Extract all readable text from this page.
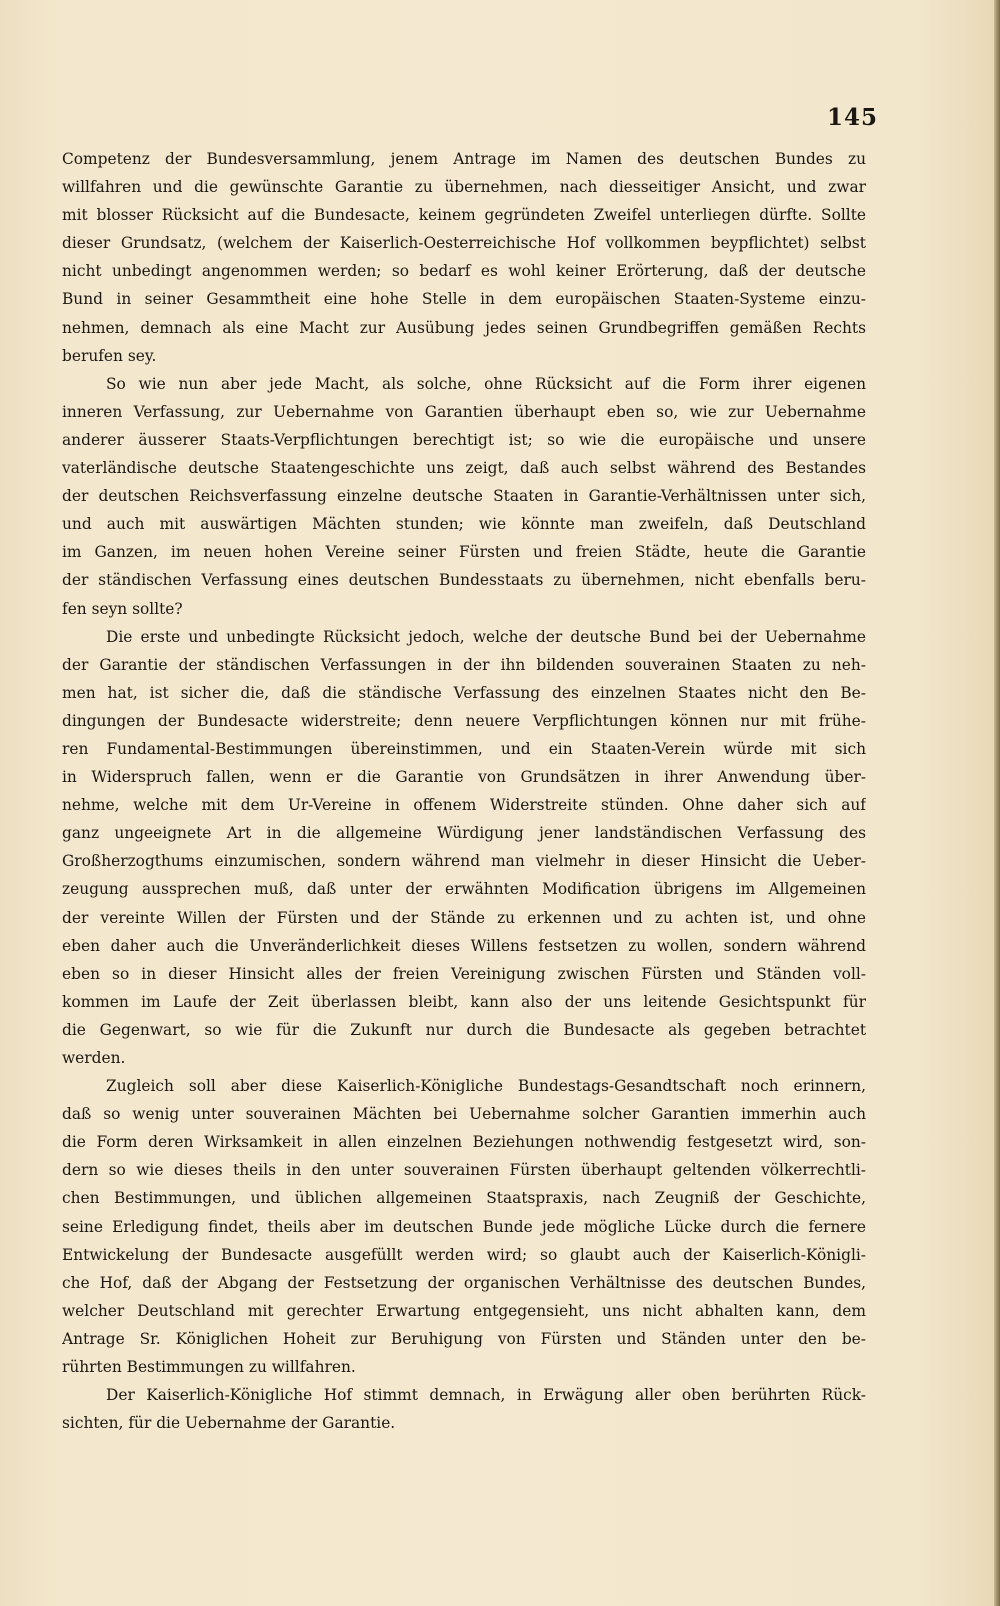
145
Competenz der Bundesversammlung, jenem Antrage im Namen des deutschen Bundes zu
willfahren und die gewünschte Garantie zu übernehmen, nach diesseitiger Ansicht, und zwar
mit blosser Rücksicht auf die Bundesacte, keinem gegründeten Zweifel unterliegen dürfte. Sollte
dieser Grundsatz, (welchem der Kaiserlich-Oesterreichische Hof vollkommen beypflichtet) selbst
nicht unbedingt angenommen werden; so bedarf es wohl keiner Erörterung, daß der deutsche
Bund in seiner Gesammtheit eine hohe Stelle in dem europäischen Staaten-Systeme einzu-
nehmen, demnach als eine Macht zur Ausübung jedes seinen Grundbegriffen gemäßen Rechts
berufen sey.
So wie nun aber jede Macht, als solche, ohne Rücksicht auf die Form ihrer eigenen
inneren Verfassung, zur Uebernahme von Garantien überhaupt eben so, wie zur Uebernahme
anderer äusserer Staats-Verpflichtungen berechtigt ist; so wie die europäische und unsere
vaterländische deutsche Staatengeschichte uns zeigt, daß auch selbst während des Bestandes
der deutschen Reichsverfassung einzelne deutsche Staaten in Garantie-Verhältnissen unter sich,
und auch mit auswärtigen Mächten stunden; wie könnte man zweifeln, daß Deutschland
im Ganzen, im neuen hohen Vereine seiner Fürsten und freien Städte, heute die Garantie
der ständischen Verfassung eines deutschen Bundesstaats zu übernehmen, nicht ebenfalls beru-
fen seyn sollte?
Die erste und unbedingte Rücksicht jedoch, welche der deutsche Bund bei der Uebernahme
der Garantie der ständischen Verfassungen in der ihn bildenden souverainen Staaten zu neh-
men hat, ist sicher die, daß die ständische Verfassung des einzelnen Staates nicht den Be-
dingungen der Bundesacte widerstreite; denn neuere Verpflichtungen können nur mit frühe-
ren Fundamental-Bestimmungen übereinstimmen, und ein Staaten-Verein würde mit sich
in Widerspruch fallen, wenn er die Garantie von Grundsätzen in ihrer Anwendung über-
nehme, welche mit dem Ur-Vereine in offenem Widerstreite stünden. Ohne daher sich auf
ganz ungeeignete Art in die allgemeine Würdigung jener landständischen Verfassung des
Großherzogthums einzumischen, sondern während man vielmehr in dieser Hinsicht die Ueber-
zeugung aussprechen muß, daß unter der erwähnten Modification übrigens im Allgemeinen
der vereinte Willen der Fürsten und der Stände zu erkennen und zu achten ist, und ohne
eben daher auch die Unveränderlichkeit dieses Willens festsetzen zu wollen, sondern während
eben so in dieser Hinsicht alles der freien Vereinigung zwischen Fürsten und Ständen voll-
kommen im Laufe der Zeit überlassen bleibt, kann also der uns leitende Gesichtspunkt für
die Gegenwart, so wie für die Zukunft nur durch die Bundesacte als gegeben betrachtet
werden.
Zugleich soll aber diese Kaiserlich-Königliche Bundestags-Gesandtschaft noch erinnern,
daß so wenig unter souverainen Mächten bei Uebernahme solcher Garantien immerhin auch
die Form deren Wirksamkeit in allen einzelnen Beziehungen nothwendig festgesetzt wird, son-
dern so wie dieses theils in den unter souverainen Fürsten überhaupt geltenden völkerrechtli-
chen Bestimmungen, und üblichen allgemeinen Staatspraxis, nach Zeugniß der Geschichte,
seine Erledigung findet, theils aber im deutschen Bunde jede mögliche Lücke durch die fernere
Entwickelung der Bundesacte ausgefüllt werden wird; so glaubt auch der Kaiserlich-Königli-
che Hof, daß der Abgang der Festsetzung der organischen Verhältnisse des deutschen Bundes,
welcher Deutschland mit gerechter Erwartung entgegensieht, uns nicht abhalten kann, dem
Antrage Sr. Königlichen Hoheit zur Beruhigung von Fürsten und Ständen unter den be-
rührten Bestimmungen zu willfahren.
Der Kaiserlich-Königliche Hof stimmt demnach, in Erwägung aller oben berührten Rück-
sichten, für die Uebernahme der Garantie.
